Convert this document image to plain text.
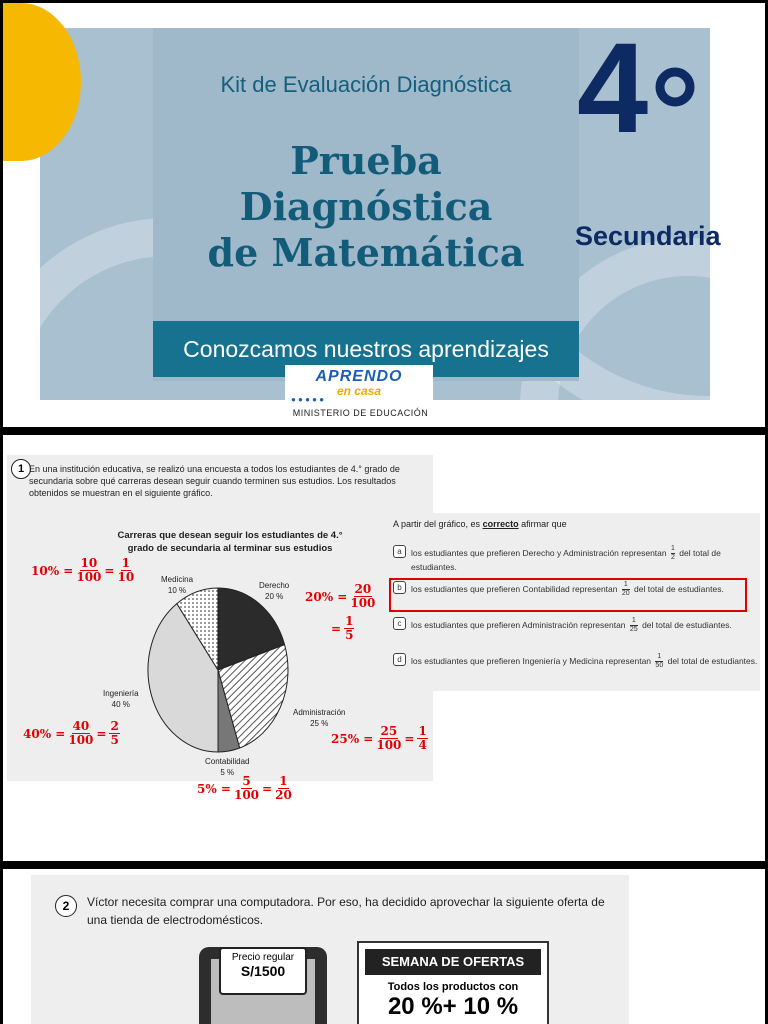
Kit de Evaluación Diagnóstica
Prueba
Diagnóstica
de Matemática
Conozcamos nuestros aprendizajes
4
Secundaria
APRENDO
en casa
● ● ● ● ●
MINISTERIO DE EDUCACIÓN
1 En una institución educativa, se realizó una encuesta a todos los estudiantes de 4.° grado de secundaria sobre qué carreras desean seguir cuando terminen sus estudios. Los resultados obtenidos se muestran en el siguiente gráfico.
Carreras que desean seguir los estudiantes de 4.° grado de secundaria al terminar sus estudios
Derecho
20 %
Administración
25 %
Contabilidad
5 %
Ingeniería
40 %
Medicina
10 %
$10\% = \frac{10}{100} = \frac{1}{10}$
$20\% = \frac{20}{100}$
= $\frac{1}{5}$
$40\% = \frac{40}{100} = \frac{2}{5}$	$25\% = \frac{25}{100} = \frac{1}{4}$
$5\% = \frac{5}{100} = \frac{1}{20}$
A partir del gráfico, es correcto afirmar que
a	los estudiantes que prefieren Derecho y Administración representan $\frac{1}{2}$ del total de estudiantes.
b	los estudiantes que prefieren Contabilidad representan $\frac{1}{20}$ del total de estudiantes.
c	los estudiantes que prefieren Administración representan $\frac{1}{25}$ del total de estudiantes.
d	los estudiantes que prefieren Ingeniería y Medicina representan $\frac{1}{50}$ del total de estudiantes.
2	Víctor necesita comprar una computadora. Por eso, ha decidido aprovechar la siguiente oferta de una tienda de electrodomésticos.
Precio regular
S/1500
SEMANA DE OFERTAS
Todos los productos con
20 %+ 10 %
